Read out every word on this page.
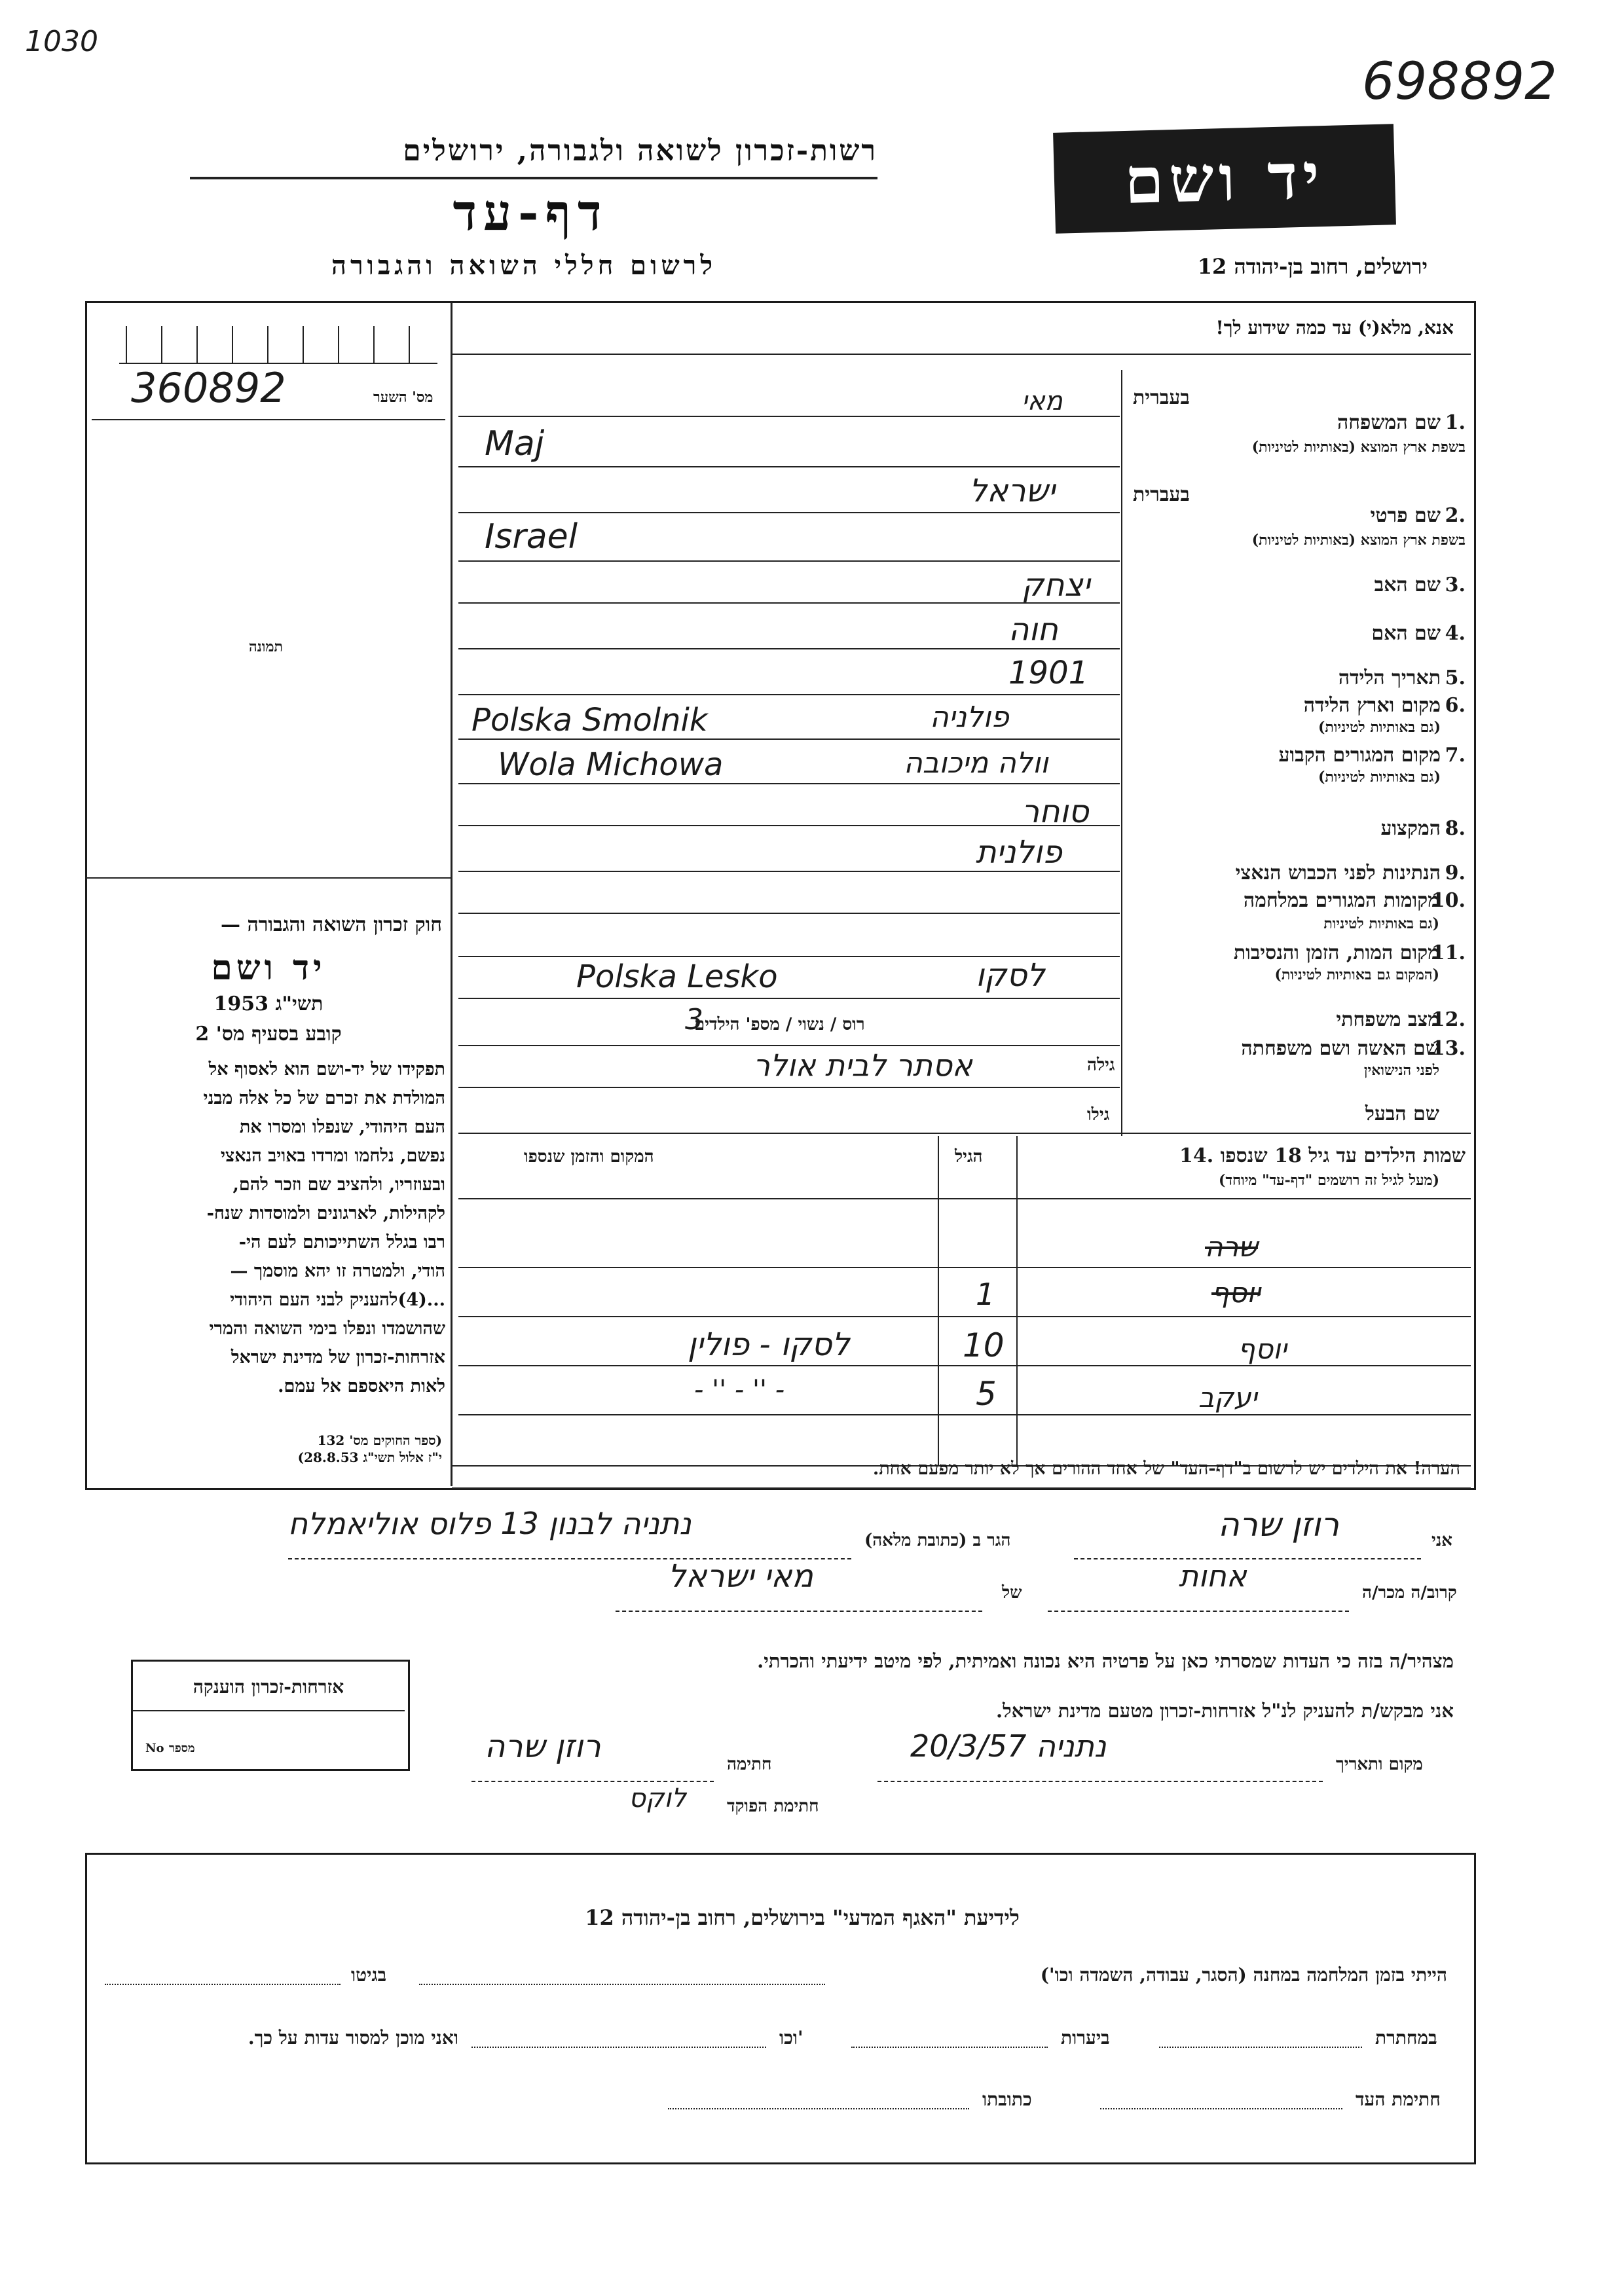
1030
698892
רשות-זכרון לשואה ולגבורה, ירושלים
דף-עד
לרשום חללי השואה והגבורה
יד ושם
ירושלים, רחוב בן-יהודה 12
אנא, מלא(י) עד כמה שידוע לך!
360892	מס' השער
תמונה
חוק זכרון השואה והגבורה —
יד ושם
תשי"ג 1953
קובע בסעיף מס' 2
תפקידו של יד-ושם הוא לאסוף אל
המולדת את זכרם של כל אלה מבני
העם היהודי, שנפלו ומסרו את
נפשם, נלחמו ומרדו באויב הנאצי
ובעוזריו, ולהציב שם וזכר להם,
לקהילות, לארגונים ולמוסדות שנח-
רבו בגלל השתייכותם לעם הי-
הודי, ולמטרה זו יהא מוסמך —
...(4)להעניק לבני העם היהודי
שהושמדו ונפלו בימי השואה והמרי
אזרחות-זכרון של מדינת ישראל
לאות היאספם אל עמם.
(ספר החוקים מס' 132
י"ז אלול תשי"ג 28.8.53)
בעברית
שם המשפחה 1.
בשפת ארץ המוצא (באותיות לטיניות)
בעברית
שם פרטי 2.
בשפת ארץ המוצא (באותיות לטיניות)
שם האב 3.
שם האם 4.
תאריך הלידה 5.
מקום וארץ הלידה 6.
(גם באותיות לטיניות)
מקום המגורים הקבוע 7.
(גם באותיות לטיניות)
המקצוע 8.
הנתינות לפני הכבוש הנאצי 9.
מקומות המגורים במלחמה
10.
גם באותיות לטיניות)
מקום המות, הזמן והנסיבות
11.
(המקום גם באותיות לטיניות)
מצב משפחתי
12.
שם האשה ושם משפחתה
13.
לפני הנישואין
שם הבעל
מאי
Maj
ישראל
Israel
יצחק
חוה
1901
פולניה
Polska Smolnik
וולה מיכובה
Wola Michowa
סוחר
פולנית
לסקו
Polska Lesko
רוס / נשוי / מספ' הילדים
3
גילה
אסתר לבית אולר
גילו
14. שמות הילדים עד גיל 18 שנספו
(מעל לגיל זה רושמים "דף-עד" מיוחד)
הגיל
המקום והזמן שנספו
שרה
יוסף
1
יוסף
10
לסקו - פולין
יעקב
5
- '' - '' -
הערה! את הילדים יש לרשום ב"דף-העד" של אחד ההורים אך לא יותר מפעם אחת.
אני
רוזן שרה
הגר ב (כתובת מלאה)
נתניה לבנון 13 פלוס אוליאמלח
קרוב/ה מכר/ה
אחות
של
מאי ישראל
מצהיר/ה בזה כי העדות שמסרתי כאן על פרטיה היא נכונה ואמיתית, לפי מיטב ידיעתי והכרתי.
אני מבקש/ת להעניק לנ"ל אזרחות-זכרון מטעם מדינת ישראל.
מקום ותאריך
נתניה 20/3/57
חתימה
רוזן שרה
חתימת הפוקד
לוקס
אזרחות-זכרון הוענקה
מספר
No
לידיעת "האגף המדעי" בירושלים, רחוב בן-יהודה 12
הייתי בזמן המלחמה במחנה (הסגר, עבודה, השמדה וכו')
בגיטו
במחתרת
ביערות
וכו'
ואני מוכן למסור עדות על כך.
חתימת העד
כתובתו
